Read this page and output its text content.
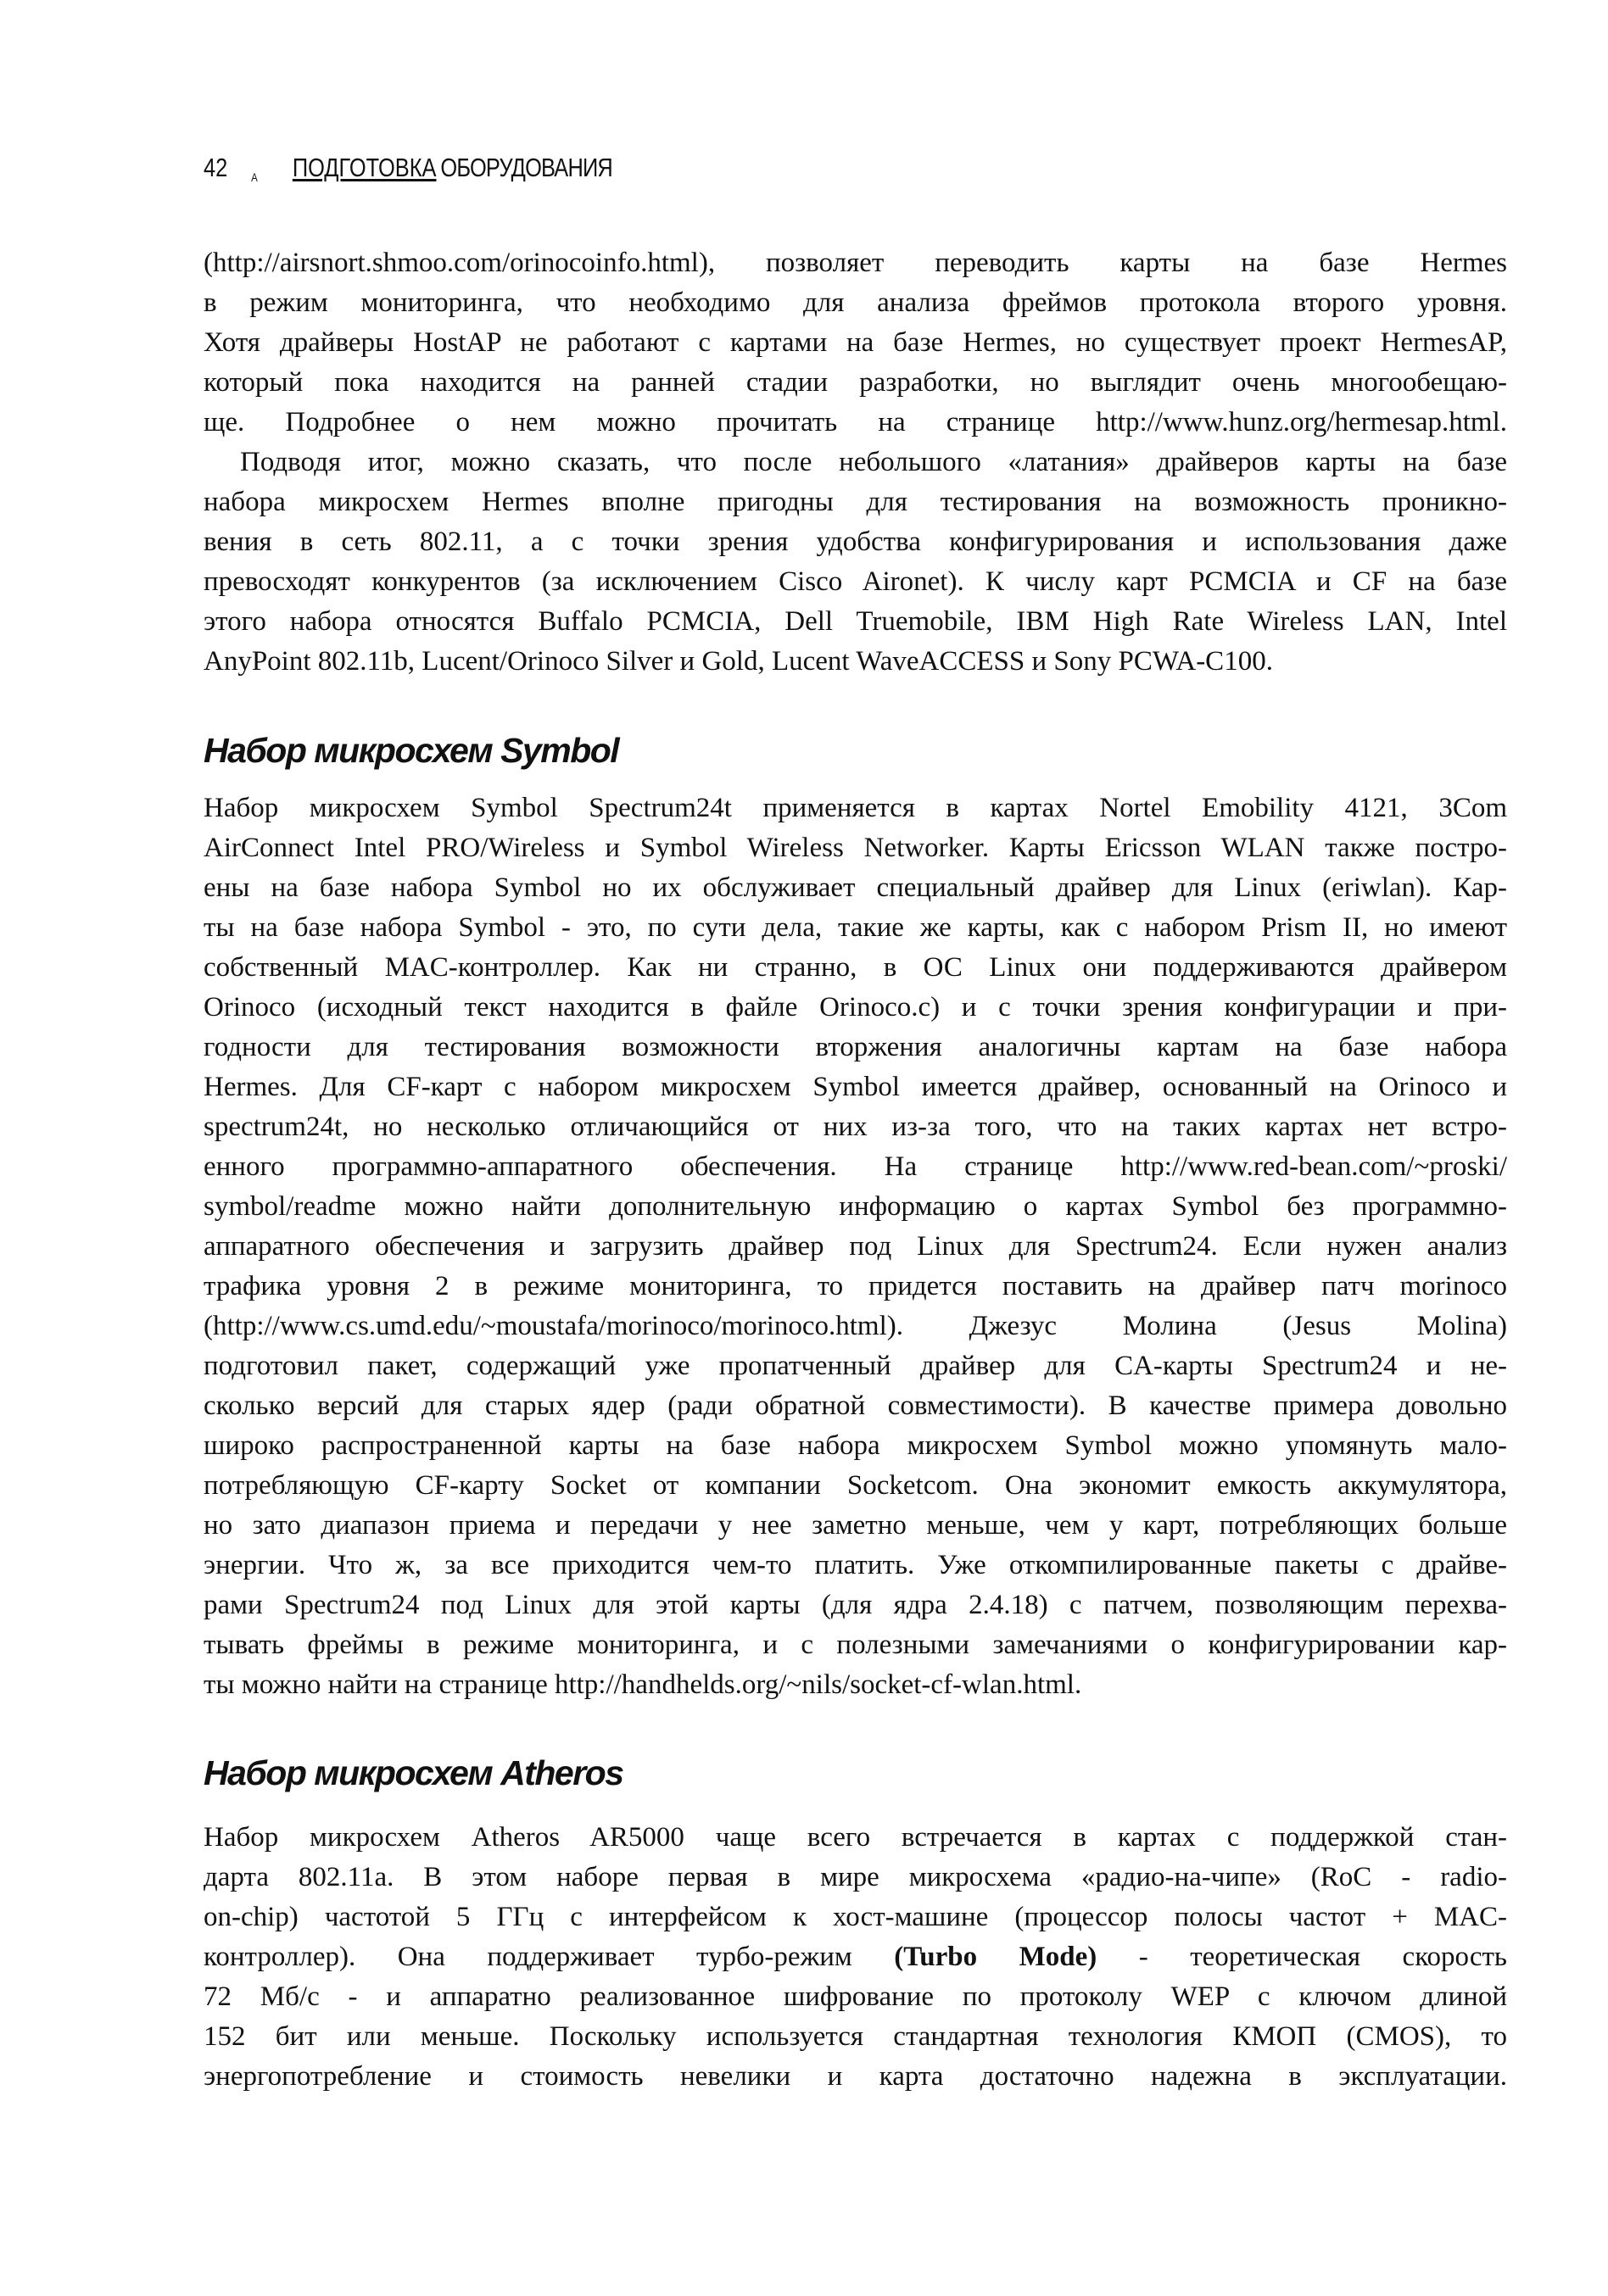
42 A	ПОДГОТОВКА ОБОРУДОВАНИЯ
(http://airsnort.shmoo.com/orinocoinfo.html), позволяет переводить карты на базе Hermes
в режим мониторинга, что необходимо для анализа фреймов протокола второго уровня.
Хотя драйверы HostAP не работают с картами на базе Hermes, но существует проект HermesAP,
который пока находится на ранней стадии разработки, но выглядит очень многообещаю-
ще. Подробнее о нем можно прочитать на странице http://www.hunz.org/hermesap.html.
Подводя итог, можно сказать, что после небольшого «латания» драйверов карты на базе
набора микросхем Hermes вполне пригодны для тестирования на возможность проникно-
вения в сеть 802.11, а с точки зрения удобства конфигурирования и использования даже
превосходят конкурентов (за исключением Cisco Aironet). К числу карт PCMCIA и CF на базе
этого набора относятся Buffalo PCMCIA, Dell Truemobile, IBM High Rate Wireless LAN, Intel
AnyPoint 802.11b, Lucent/Orinoco Silver и Gold, Lucent WaveACCESS и Sony PCWA-C100.
Набор микросхем Symbol
Набор микросхем Symbol Spectrum24t применяется в картах Nortel Emobility 4121, 3Com
AirConnect Intel PRO/Wireless и Symbol Wireless Networker. Карты Ericsson WLAN также постро-
ены на базе набора Symbol но их обслуживает специальный драйвер для Linux (eriwlan). Кар-
ты на базе набора Symbol - это, по сути дела, такие же карты, как с набором Prism II, но имеют
собственный MAC-контроллер. Как ни странно, в ОС Linux они поддерживаются драйвером
Orinoco (исходный текст находится в файле Orinoco.c) и с точки зрения конфигурации и при-
годности для тестирования возможности вторжения аналогичны картам на базе набора
Hermes. Для CF-карт с набором микросхем Symbol имеется драйвер, основанный на Orinoco и
spectrum24t, но несколько отличающийся от них из-за того, что на таких картах нет встро-
енного программно-аппаратного обеспечения. На странице http://www.red-bean.com/~proski/
symbol/readme можно найти дополнительную информацию о картах Symbol без программно-
аппаратного обеспечения и загрузить драйвер под Linux для Spectrum24. Если нужен анализ
трафика уровня 2 в режиме мониторинга, то придется поставить на драйвер патч morinoco
(http://www.cs.umd.edu/~moustafa/morinoco/morinoco.html). Джезус Молина (Jesus Molina)
подготовил пакет, содержащий уже пропатченный драйвер для CA-карты Spectrum24 и не-
сколько версий для старых ядер (ради обратной совместимости). В качестве примера довольно
широко распространенной карты на базе набора микросхем Symbol можно упомянуть мало-
потребляющую CF-карту Socket от компании Socketcom. Она экономит емкость аккумулятора,
но зато диапазон приема и передачи у нее заметно меньше, чем у карт, потребляющих больше
энергии. Что ж, за все приходится чем-то платить. Уже откомпилированные пакеты с драйве-
рами Spectrum24 под Linux для этой карты (для ядра 2.4.18) с патчем, позволяющим перехва-
тывать фреймы в режиме мониторинга, и с полезными замечаниями о конфигурировании кар-
ты можно найти на странице http://handhelds.org/~nils/socket-cf-wlan.html.
Набор микросхем Atheros
Набор микросхем Atheros AR5000 чаще всего встречается в картах с поддержкой стан-
дарта 802.11a. В этом наборе первая в мире микросхема «радио-на-чипе» (RoC - radio-
on-chip) частотой 5 ГГц с интерфейсом к хост-машине (процессор полосы частот + MAC-
контроллер). Она поддерживает турбо-режим (Turbo Mode) - теоретическая скорость
72 Мб/с - и аппаратно реализованное шифрование по протоколу WEP с ключом длиной
152 бит или меньше. Поскольку используется стандартная технология КМОП (CMOS), то
энергопотребление и стоимость невелики и карта достаточно надежна в эксплуатации.
